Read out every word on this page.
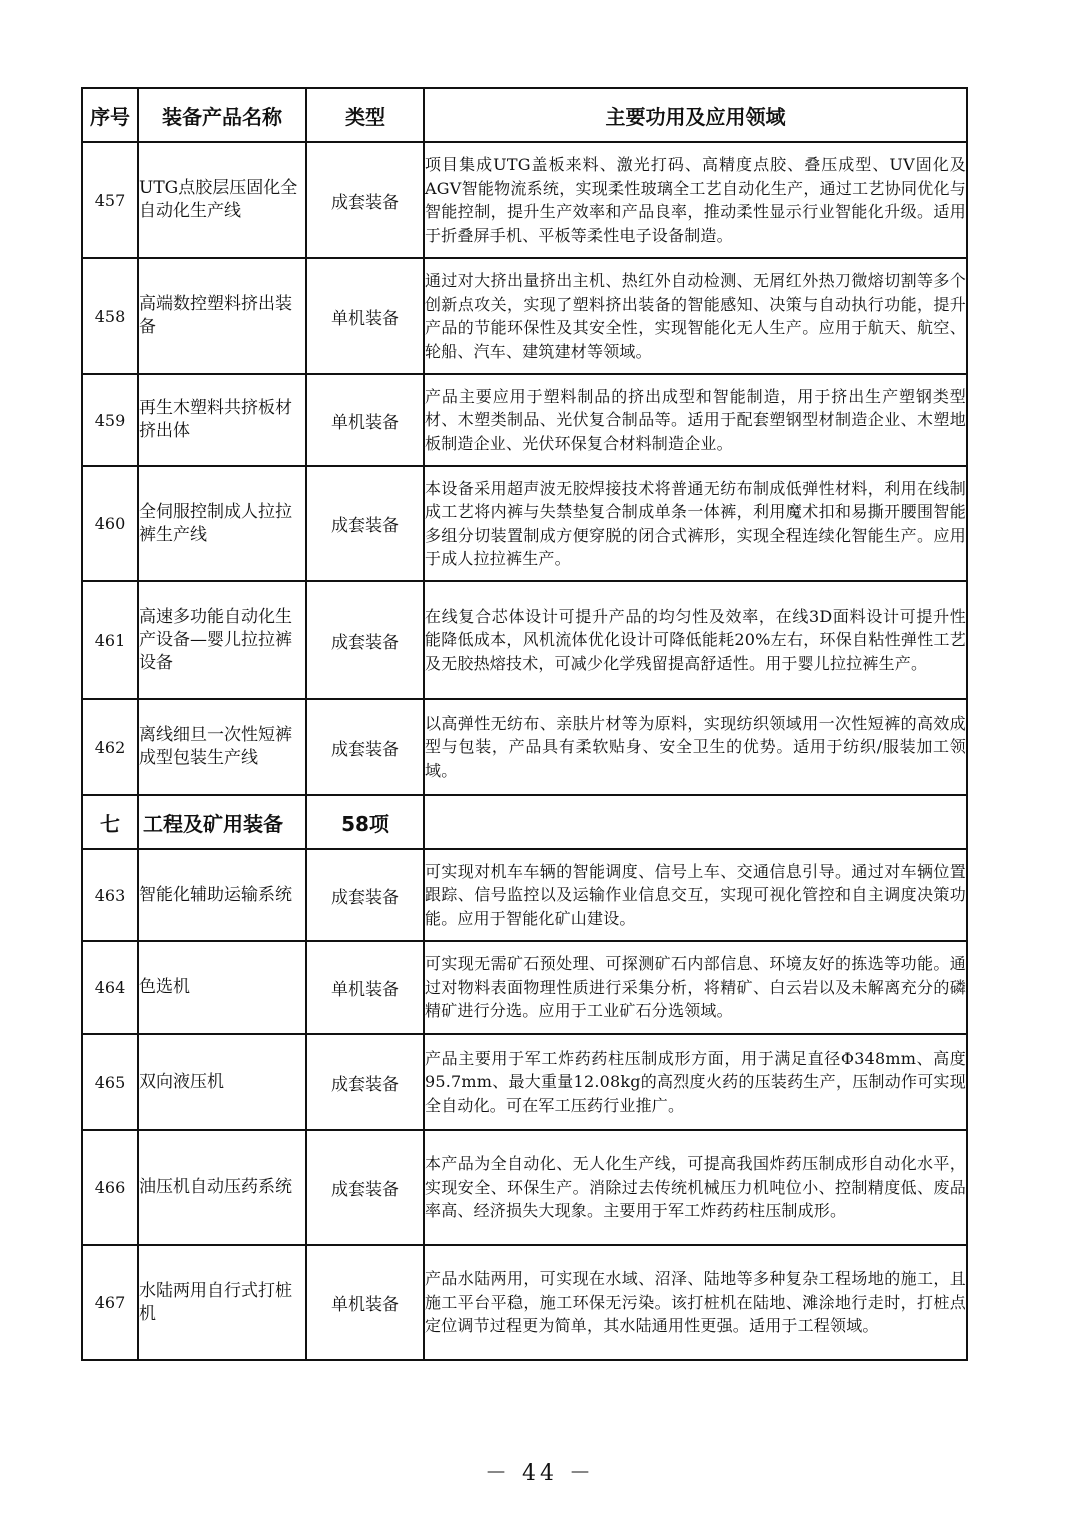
序号	装备产品名称	类型	主要功用及应用领域
457	UTG点胶层压固化全自动化生产线	成套装备	项目集成UTG盖板来料、激光打码、高精度点胶、叠压成型、UV固化及AGV智能物流系统，实现柔性玻璃全工艺自动化生产，通过工艺协同优化与智能控制，提升生产效率和产品良率，推动柔性显示行业智能化升级。适用于折叠屏手机、平板等柔性电子设备制造。
458	高端数控塑料挤出装备	单机装备	通过对大挤出量挤出主机、热红外自动检测、无屑红外热刀微熔切割等多个创新点攻关，实现了塑料挤出装备的智能感知、决策与自动执行功能，提升产品的节能环保性及其安全性，实现智能化无人生产。应用于航天、航空、轮船、汽车、建筑建材等领域。
459	再生木塑料共挤板材挤出体	单机装备	产品主要应用于塑料制品的挤出成型和智能制造，用于挤出生产塑钢类型材、木塑类制品、光伏复合制品等。适用于配套塑钢型材制造企业、木塑地板制造企业、光伏环保复合材料制造企业。
460	全伺服控制成人拉拉裤生产线	成套装备	本设备采用超声波无胶焊接技术将普通无纺布制成低弹性材料，利用在线制成工艺将内裤与失禁垫复合制成单条一体裤，利用魔术扣和易撕开腰围智能多组分切装置制成方便穿脱的闭合式裤形，实现全程连续化智能生产。应用于成人拉拉裤生产。
461	高速多功能自动化生产设备—婴儿拉拉裤设备	成套装备	在线复合芯体设计可提升产品的均匀性及效率，在线3D面料设计可提升性能降低成本，风机流体优化设计可降低能耗20%左右，环保自粘性弹性工艺及无胶热熔技术，可减少化学残留提高舒适性。用于婴儿拉拉裤生产。
462	离线细旦一次性短裤成型包装生产线	成套装备	以高弹性无纺布、亲肤片材等为原料，实现纺织领域用一次性短裤的高效成型与包装，产品具有柔软贴身、安全卫生的优势。适用于纺织/服装加工领域。
七	工程及矿用装备	58项	
463	智能化辅助运输系统	成套装备	可实现对机车车辆的智能调度、信号上车、交通信息引导。通过对车辆位置跟踪、信号监控以及运输作业信息交互，实现可视化管控和自主调度决策功能。应用于智能化矿山建设。
464	色选机	单机装备	可实现无需矿石预处理、可探测矿石内部信息、环境友好的拣选等功能。通过对物料表面物理性质进行采集分析，将精矿、白云岩以及未解离充分的磷精矿进行分选。应用于工业矿石分选领域。
465	双向液压机	成套装备	产品主要用于军工炸药药柱压制成形方面，用于满足直径Φ348mm、高度95.7mm、最大重量12.08kg的高烈度火药的压装药生产，压制动作可实现全自动化。可在军工压药行业推广。
466	油压机自动压药系统	成套装备	本产品为全自动化、无人化生产线，可提高我国炸药压制成形自动化水平，实现安全、环保生产。消除过去传统机械压力机吨位小、控制精度低、废品率高、经济损失大现象。主要用于军工炸药药柱压制成形。
467	水陆两用自行式打桩机	单机装备	产品水陆两用，可实现在水域、沼泽、陆地等多种复杂工程场地的施工，且施工平台平稳，施工环保无污染。该打桩机在陆地、滩涂地行走时，打桩点定位调节过程更为简单，其水陆通用性更强。适用于工程领域。
－ 44 －
